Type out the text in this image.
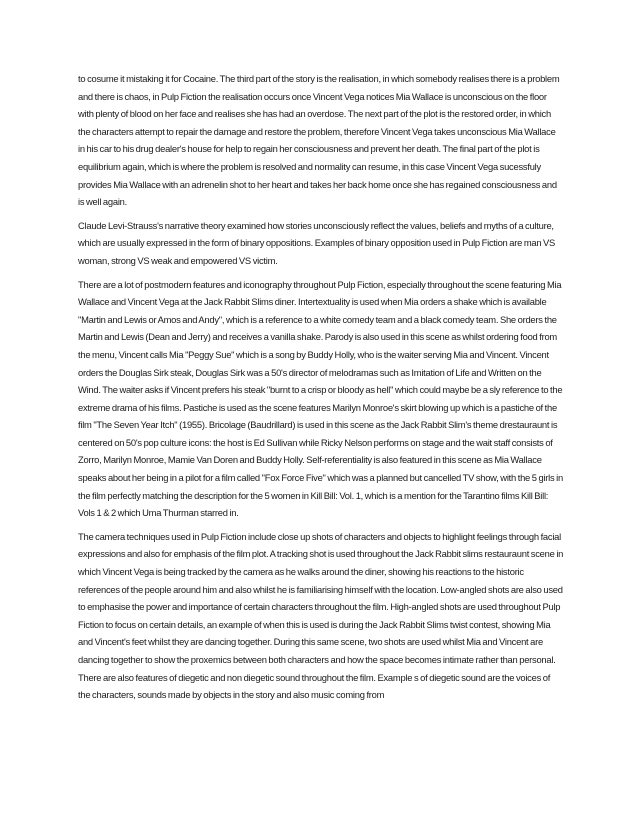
to cosume it mistaking it for Cocaine. The third part of the story is the realisation, in which somebody realises there is a problem and there is chaos, in Pulp Fiction the realisation occurs once Vincent Vega notices Mia Wallace is unconscious on the floor with plenty of blood on her face and realises she has had an overdose. The next part of the plot is the restored order, in which the characters attempt to repair the damage and restore the problem, therefore Vincent Vega takes unconscious Mia Wallace in his car to his drug dealer's house for help to regain her consciousness and prevent her death. The final part of the plot is equilibrium again, which is where the problem is resolved and normality can resume, in this case Vincent Vega sucessfuly provides Mia Wallace with an adrenelin shot to her heart and takes her back home once she has regained consciousness and is well again.

Claude Levi-Strauss's narrative theory examined how stories unconsciously reflect the values, beliefs and myths of a culture, which are usually expressed in the form of binary oppositions. Examples of binary opposition used in Pulp Fiction are man VS woman, strong VS weak and empowered VS victim.

There are a lot of postmodern features and iconography throughout Pulp Fiction, especially throughout the scene featuring Mia Wallace and Vincent Vega at the Jack Rabbit Slims diner. Intertextuality is used when Mia orders a shake which is available "Martin and Lewis or Amos and Andy", which is a reference to a white comedy team and a black comedy team. She orders the Martin and Lewis (Dean and Jerry) and receives a vanilla shake. Parody is also used in this scene as whilst ordering food from the menu, Vincent calls Mia "Peggy Sue" which is a song by Buddy Holly, who is the waiter serving Mia and Vincent. Vincent orders the Douglas Sirk steak, Douglas Sirk was a 50's director of melodramas such as Imitation of Life and Written on the Wind. The waiter asks if Vincent prefers his steak "burnt to a crisp or bloody as hell" which could maybe be a sly reference to the extreme drama of his films. Pastiche is used as the scene features Marilyn Monroe's skirt blowing up which is a pastiche of the film "The Seven Year Itch" (1955). Bricolage (Baudrillard) is used in this scene as the Jack Rabbit Slim's theme drestauraunt is centered on 50's pop culture icons: the host is Ed Sullivan while Ricky Nelson performs on stage and the wait staff consists of Zorro, Marilyn Monroe, Mamie Van Doren and Buddy Holly. Self-referentiality is also featured in this scene as Mia Wallace speaks about her being in a pilot for a film called "Fox Force Five" which was a planned but cancelled TV show, with the 5 girls in the film perfectly matching the description for the 5 women in Kill Bill: Vol. 1, which is a mention for the Tarantino films Kill Bill: Vols 1 & 2 which Uma Thurman starred in.

The camera techniques used in Pulp Fiction include close up shots of characters and objects to highlight feelings through facial expressions and also for emphasis of the film plot. A tracking shot is used throughout the Jack Rabbit slims restauraunt scene in which Vincent Vega is being tracked by the camera as he walks around the diner, showing his reactions to the historic references of the people around him and also whilst he is familiarising himself with the location. Low-angled shots are also used to emphasise the power and importance of certain characters throughout the film. High-angled shots are used throughout Pulp Fiction to focus on certain details, an example of when this is used is during the Jack Rabbit Slims twist contest, showing Mia and Vincent's feet whilst they are dancing together. During this same scene, two shots are used whilst Mia and Vincent are dancing together to show the proxemics between both characters and how the space becomes intimate rather than personal. There are also features of diegetic and non diegetic sound throughout the film. Example s of diegetic sound are the voices of the characters, sounds made by objects in the story and also music coming from
